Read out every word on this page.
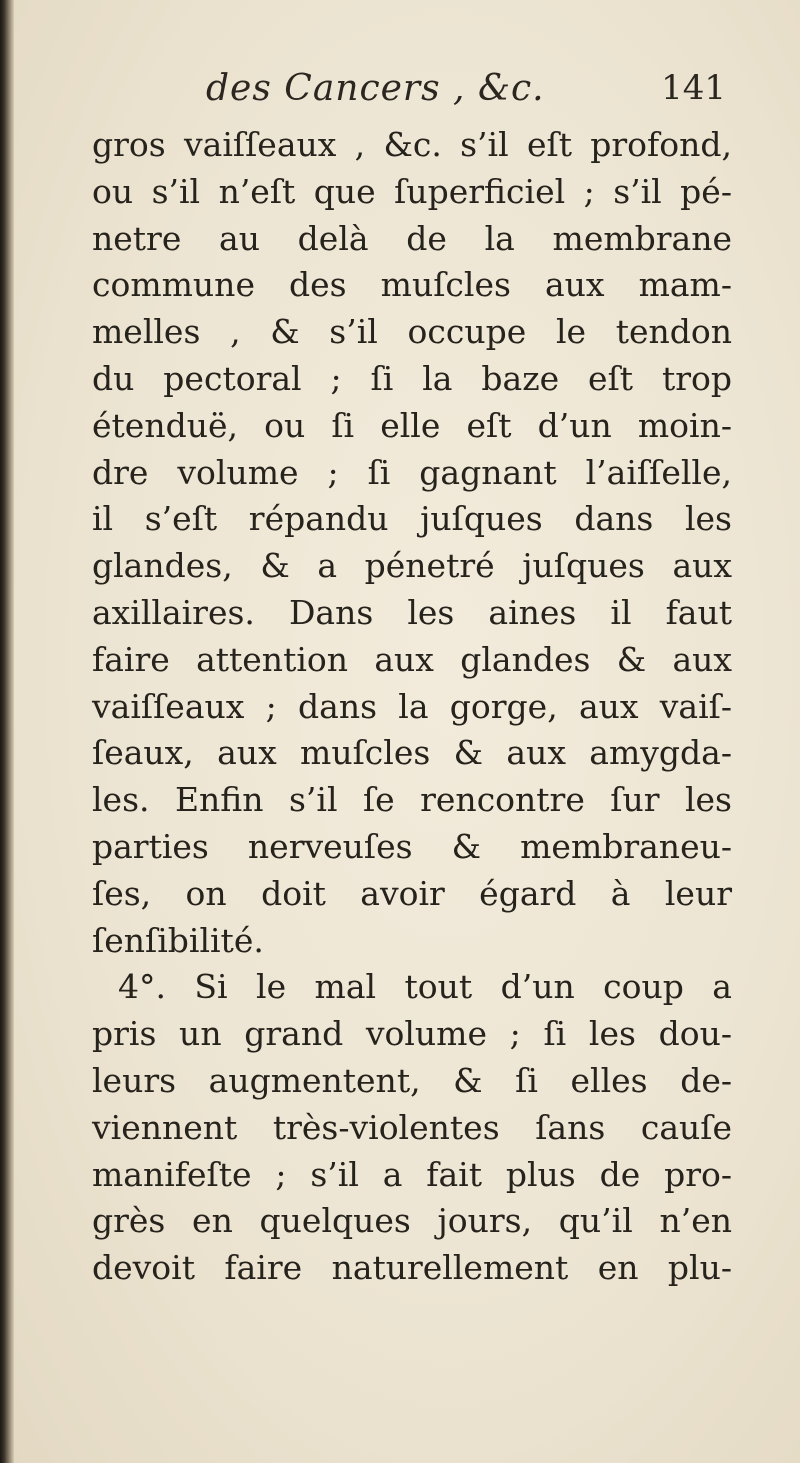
des Cancers , &c.	141
gros vaiſſeaux , &c. s’il eſt profond,
ou s’il n’eſt que ſuperficiel ; s’il pé-
netre au delà de la membrane
commune des muſcles aux mam-
melles , & s’il occupe le tendon
du pectoral ; ſi la baze eſt trop
étenduë, ou ſi elle eſt d’un moin-
dre volume ; ſi gagnant l’aiſſelle,
il s’eſt répandu juſques dans les
glandes, & a pénetré juſques aux
axillaires. Dans les aines il faut
faire attention aux glandes & aux
vaiſſeaux ; dans la gorge, aux vaiſ-
ſeaux, aux muſcles & aux amygda-
les. Enfin s’il ſe rencontre ſur les
parties nerveuſes & membraneu-
ſes, on doit avoir égard à leur
ſenſibilité.
4°. Si le mal tout d’un coup a
pris un grand volume ; ſi les dou-
leurs augmentent, & ſi elles de-
viennent très-violentes ſans cauſe
manifeſte ; s’il a fait plus de pro-
grès en quelques jours, qu’il n’en
devoit faire naturellement en plu-
